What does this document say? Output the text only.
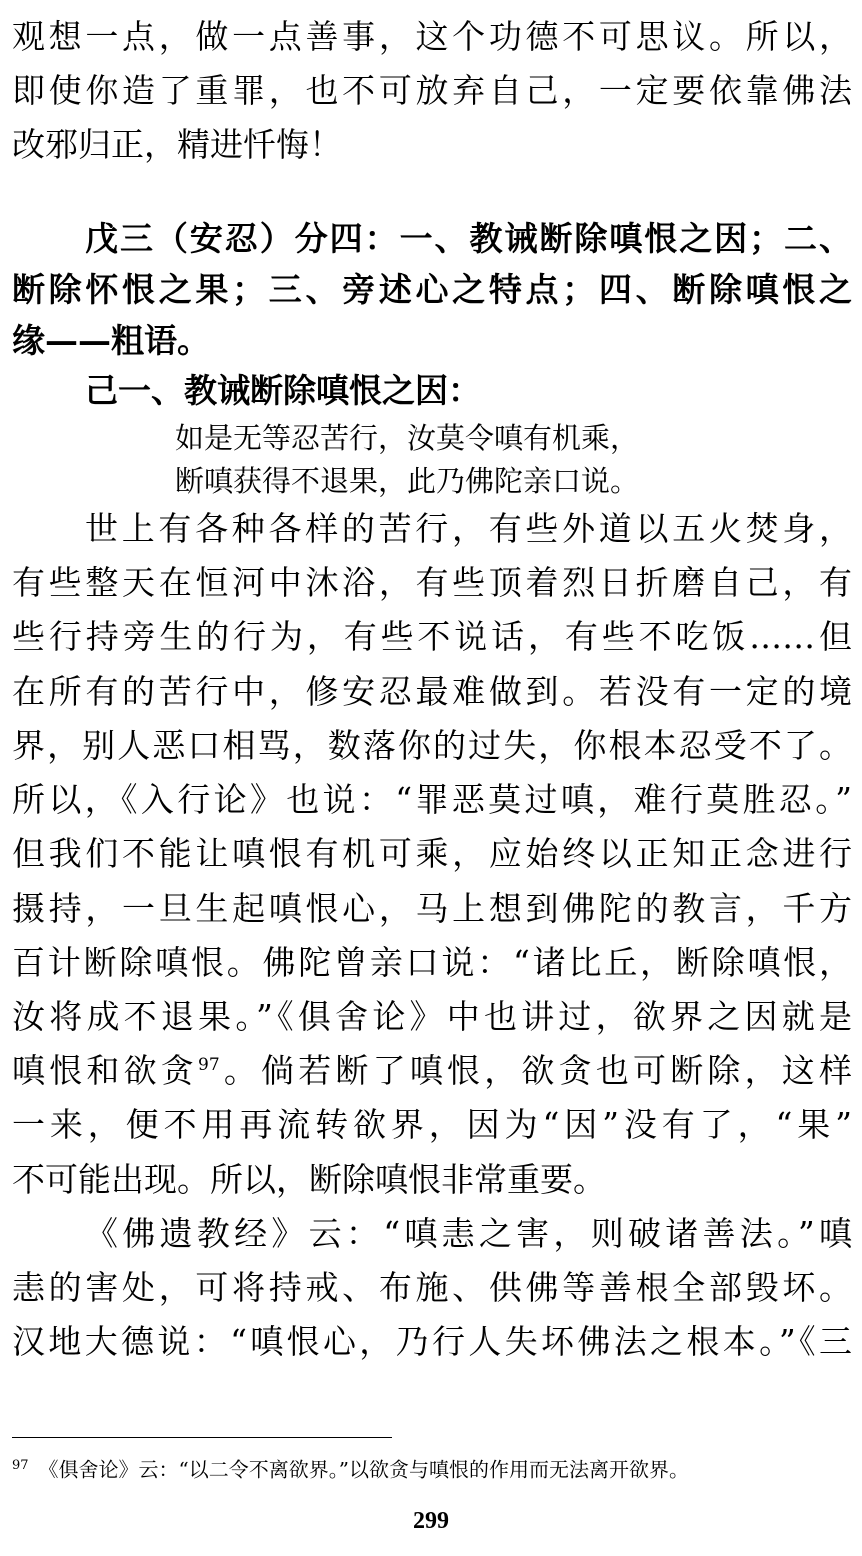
观想一点，做一点善事，这个功德不可思议。所以，
即使你造了重罪，也不可放弃自己，一定要依靠佛法
改邪归正，精进忏悔！
戊三（安忍）分四：一、教诫断除嗔恨之因；二、
断除怀恨之果；三、旁述心之特点；四、断除嗔恨之
缘——粗语。
己一、教诫断除嗔恨之因：
如是无等忍苦行，汝莫令嗔有机乘，
断嗔获得不退果，此乃佛陀亲口说。
世上有各种各样的苦行，有些外道以五火焚身，
有些整天在恒河中沐浴，有些顶着烈日折磨自己，有
些行持旁生的行为，有些不说话，有些不吃饭……但
在所有的苦行中，修安忍最难做到。若没有一定的境
界，别人恶口相骂，数落你的过失，你根本忍受不了。
所以，《入行论》也说：“罪恶莫过嗔，难行莫胜忍。”
但我们不能让嗔恨有机可乘，应始终以正知正念进行
摄持，一旦生起嗔恨心，马上想到佛陀的教言，千方
百计断除嗔恨。佛陀曾亲口说：“诸比丘，断除嗔恨，
汝将成不退果。”《俱舍论》中也讲过，欲界之因就是
嗔恨和欲贪$^{97}$。倘若断了嗔恨，欲贪也可断除，这样
一来，便不用再流转欲界，因为“因”没有了，“果”
不可能出现。所以，断除嗔恨非常重要。
《佛遗教经》云：“嗔恚之害，则破诸善法。”嗔
恚的害处，可将持戒、布施、供佛等善根全部毁坏。
汉地大德说：“嗔恨心，乃行人失坏佛法之根本。”《三
$^{97}$ 《俱舍论》云：“以二令不离欲界。”以欲贪与嗔恨的作用而无法离开欲界。
299
